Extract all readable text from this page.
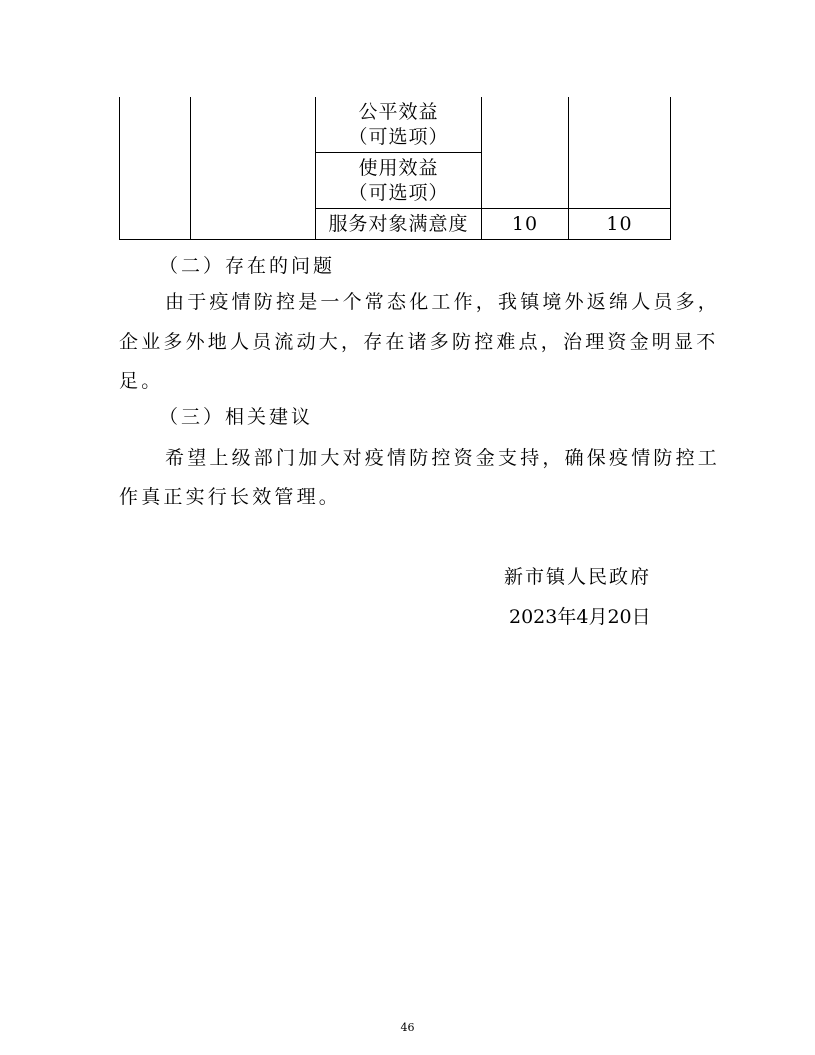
公平效益
（可选项）
使用效益
（可选项）
服务对象满意度	10	10
（二）存在的问题
由于疫情防控是一个常态化工作，我镇境外返绵人员多，
企业多外地人员流动大，存在诸多防控难点，治理资金明显不
足。
（三）相关建议
希望上级部门加大对疫情防控资金支持，确保疫情防控工
作真正实行长效管理。
新市镇人民政府
2023年4月20日
46
